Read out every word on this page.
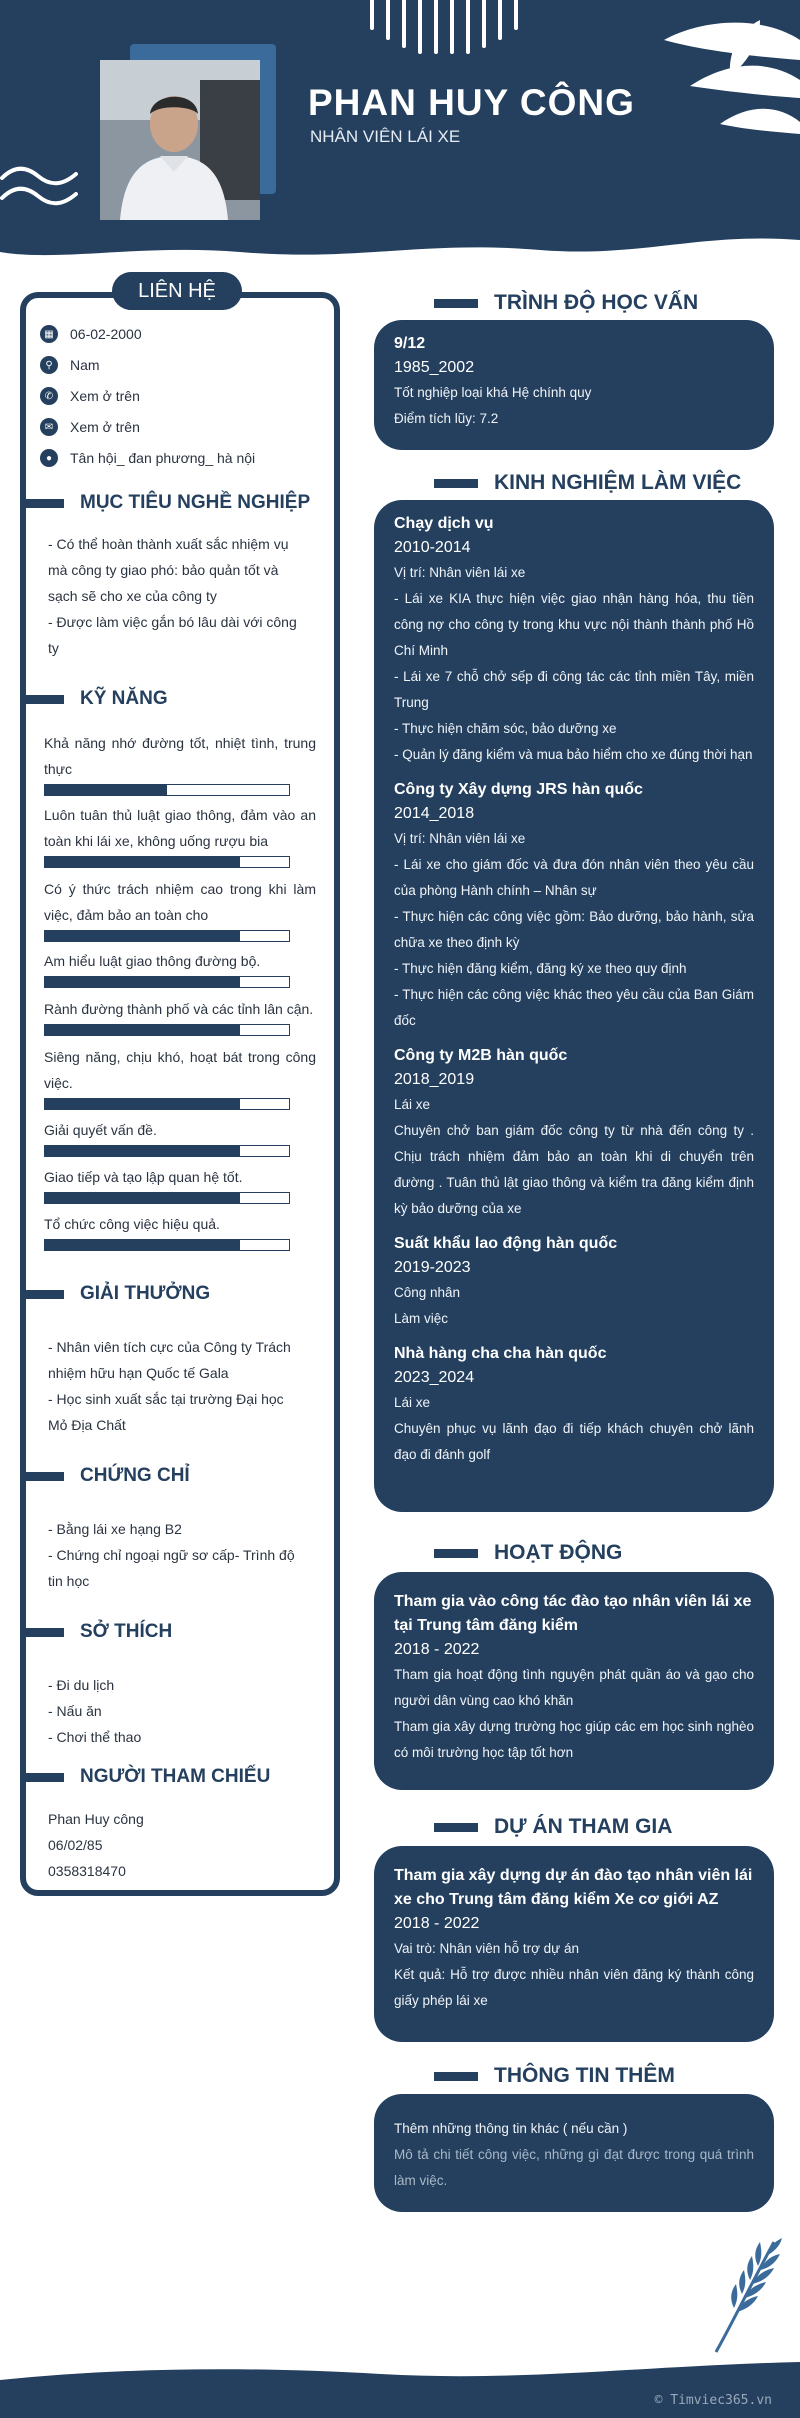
PHAN HUY CÔNG
NHÂN VIÊN LÁI XE
LIÊN HỆ
▦	06-02-2000
⚲	Nam
✆	Xem ở trên
✉	Xem ở trên
●	Tân hội_ đan phương_ hà nội
MỤC TIÊU NGHỀ NGHIỆP
- Có thể hoàn thành xuất sắc nhiệm vụ
mà công ty giao phó: bảo quản tốt và
sạch sẽ cho xe của công ty
- Được làm việc gắn bó lâu dài với công
ty
KỸ NĂNG
Khả năng nhớ đường tốt, nhiệt tình, trung thực
Luôn tuân thủ luật giao thông, đảm vào an toàn khi lái xe, không uống rượu bia
Có ý thức trách nhiệm cao trong khi làm việc, đảm bảo an toàn cho
Am hiểu luật giao thông đường bộ.
Rành đường thành phố và các tỉnh lân cận.
Siêng năng, chịu khó, hoạt bát trong công việc.
Giải quyết vấn đề.
Giao tiếp và tạo lập quan hệ tốt.
Tổ chức công việc hiệu quả.
GIẢI THƯỞNG
- Nhân viên tích cực của Công ty Trách
nhiệm hữu hạn Quốc tế Gala
- Học sinh xuất sắc tại trường Đại học
Mỏ Địa Chất
CHỨNG CHỈ
- Bằng lái xe hạng B2
- Chứng chỉ ngoại ngữ sơ cấp- Trình độ
tin học
SỞ THÍCH
- Đi du lịch
- Nấu ăn
- Chơi thể thao
NGƯỜI THAM CHIẾU
Phan Huy công
06/02/85
0358318470
TRÌNH ĐỘ HỌC VẤN
9/12
1985_2002
Tốt nghiệp loại khá Hệ chính quy
Điểm tích lũy: 7.2
KINH NGHIỆM LÀM VIỆC
Chạy dịch vụ
2010-2014
Vị trí: Nhân viên lái xe
- Lái xe KIA thực hiện việc giao nhận hàng hóa, thu tiền công nợ cho công ty trong khu vực nội thành thành phố Hồ Chí Minh
- Lái xe 7 chỗ chở sếp đi công tác các tỉnh miền Tây, miền Trung
- Thực hiện chăm sóc, bảo dưỡng xe
- Quản lý đăng kiểm và mua bảo hiểm cho xe đúng thời hạn
Công ty Xây dựng JRS hàn quốc
2014_2018
Vị trí: Nhân viên lái xe
- Lái xe cho giám đốc và đưa đón nhân viên theo yêu cầu của phòng Hành chính – Nhân sự
- Thực hiện các công việc gồm: Bảo dưỡng, bảo hành, sửa chữa xe theo định kỳ
- Thực hiện đăng kiểm, đăng ký xe theo quy định
- Thực hiện các công việc khác theo yêu cầu của Ban Giám đốc
Công ty M2B hàn quốc
2018_2019
Lái xe
Chuyên chở ban giám đốc công ty từ nhà đến công ty . Chịu trách nhiệm đảm bảo an toàn khi di chuyển trên đường . Tuân thủ lật giao thông và kiểm tra đăng kiểm định kỳ bảo dưỡng của xe
Suất khẩu lao động hàn quốc
2019-2023
Công nhân
Làm việc
Nhà hàng cha cha hàn quốc
2023_2024
Lái xe
Chuyên phục vụ lãnh đạo đi tiếp khách chuyên chở lãnh đạo đi đánh golf
HOẠT ĐỘNG
Tham gia vào công tác đào tạo nhân viên lái xe tại Trung tâm đăng kiểm
2018 - 2022
Tham gia hoạt động tình nguyện phát quần áo và gạo cho người dân vùng cao khó khăn
Tham gia xây dựng trường học giúp các em học sinh nghèo có môi trường học tập tốt hơn
DỰ ÁN THAM GIA
Tham gia xây dựng dự án đào tạo nhân viên lái xe cho Trung tâm đăng kiểm Xe cơ giới AZ
2018 - 2022
Vai trò: Nhân viên hỗ trợ dự án
Kết quả: Hỗ trợ được nhiều nhân viên đăng ký thành công giấy phép lái xe
THÔNG TIN THÊM
Thêm những thông tin khác ( nếu cần )
Mô tả chi tiết công việc, những gì đạt được trong quá trình làm việc.
© Timviec365.vn
